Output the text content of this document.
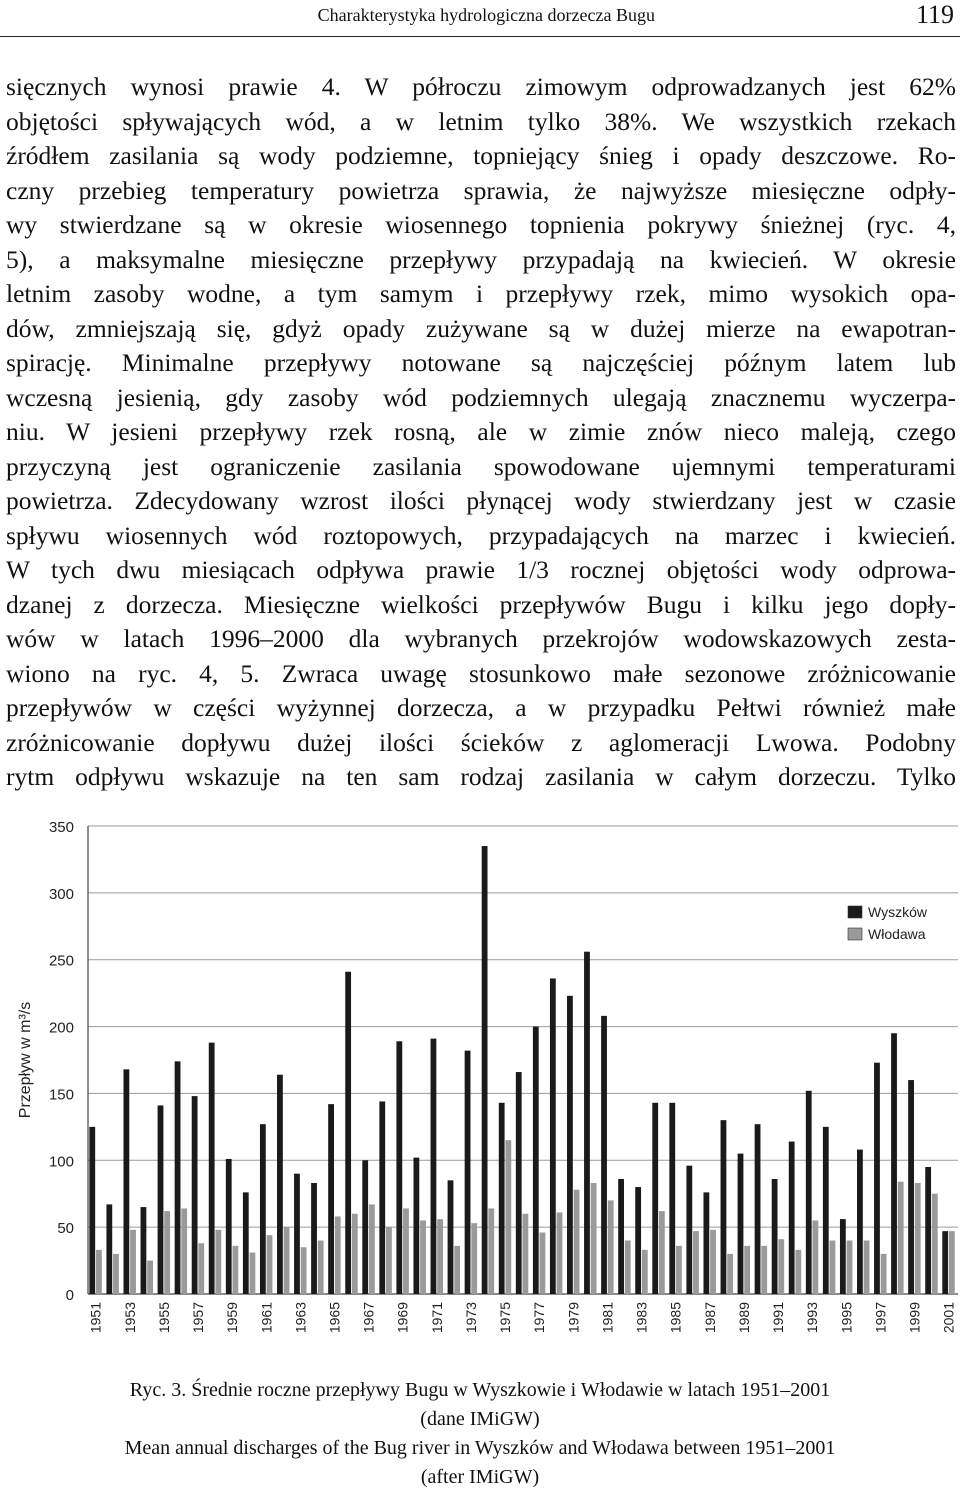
Charakterystyka hydrologiczna dorzecza Bugu	119

sięcznych wynosi prawie 4. W półroczu zimowym odprowadzanych jest 62%

objętości spływających wód, a w letnim tylko 38%. We wszystkich rzekach

źródłem zasilania są wody podziemne, topniejący śnieg i opady deszczowe. Ro-

czny przebieg temperatury powietrza sprawia, że najwyższe miesięczne odpły-

wy stwierdzane są w okresie wiosennego topnienia pokrywy śnieżnej (ryc. 4,

5), a maksymalne miesięczne przepływy przypadają na kwiecień. W okresie

letnim zasoby wodne, a tym samym i przepływy rzek, mimo wysokich opa-

dów, zmniejszają się, gdyż opady zużywane są w dużej mierze na ewapotran-

spirację. Minimalne przepływy notowane są najczęściej późnym latem lub

wczesną jesienią, gdy zasoby wód podziemnych ulegają znacznemu wyczerpa-

niu. W jesieni przepływy rzek rosną, ale w zimie znów nieco maleją, czego

przyczyną jest ograniczenie zasilania spowodowane ujemnymi temperaturami

powietrza. Zdecydowany wzrost ilości płynącej wody stwierdzany jest w czasie

spływu wiosennych wód roztopowych, przypadających na marzec i kwiecień.

W tych dwu miesiącach odpływa prawie 1/3 rocznej objętości wody odprowa-

dzanej z dorzecza. Miesięczne wielkości przepływów Bugu i kilku jego dopły-

wów w latach 1996–2000 dla wybranych przekrojów wodowskazowych zesta-

wiono na ryc. 4, 5. Zwraca uwagę stosunkowo małe sezonowe zróżnicowanie

przepływów w części wyżynnej dorzecza, a w przypadku Pełtwi również małe

zróżnicowanie dopływu dużej ilości ścieków z aglomeracji Lwowa. Podobny

rytm odpływu wskazuje na ten sam rodzaj zasilania w całym dorzeczu. Tylko

0
50
100
150
200
250
300
350
Przepływ w m³/s
1951 1953 1955 1957 1959 1961 1963 1965 1967 1969 1971 1973 1975 1977 1979 1981 1983 1985 1987 1989 1991 1993 1995 1997 1999 2001
Wyszków
Włodawa
Ryc. 3. Średnie roczne przepływy Bugu w Wyszkowie i Włodawie w latach 1951–2001
(dane IMiGW)
Mean annual discharges of the Bug river in Wyszków and Włodawa between 1951–2001
(after IMiGW)
